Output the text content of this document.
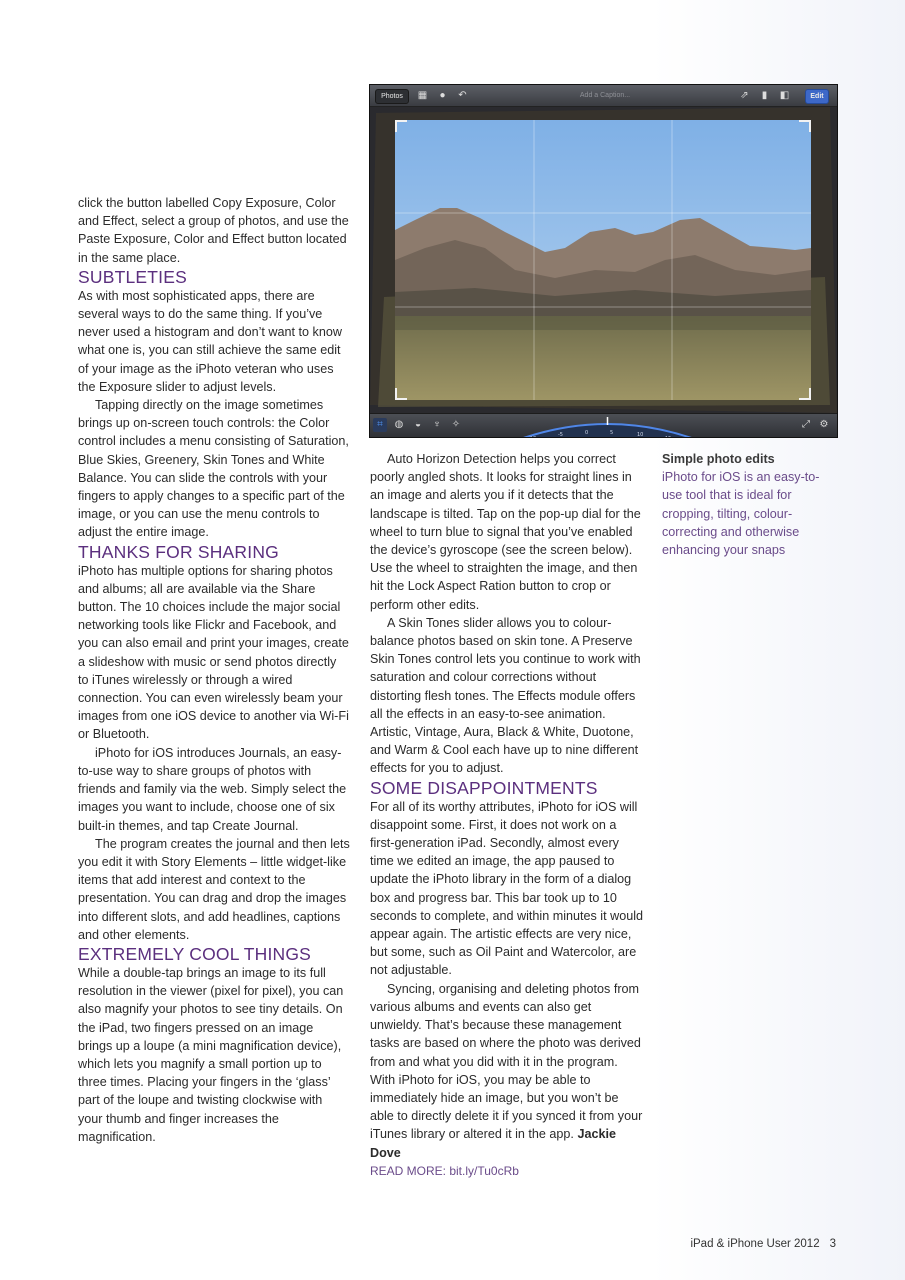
click the button labelled Copy Exposure, Color and Effect, select a group of photos, and use the Paste Exposure, Color and Effect button located in the same place.

SUBTLETIES

As with most sophisticated apps, there are several ways to do the same thing. If you’ve never used a histogram and don’t want to know what one is, you can still achieve the same edit of your image as the iPhoto veteran who uses the Exposure slider to adjust levels.

Tapping directly on the image sometimes brings up on-screen touch controls: the Color control includes a menu consisting of Saturation, Blue Skies, Greenery, Skin Tones and White Balance. You can slide the controls with your fingers to apply changes to a specific part of the image, or you can use the menu controls to adjust the entire image.

THANKS FOR SHARING

iPhoto has multiple options for sharing photos and albums; all are available via the Share button. The 10 choices include the major social networking tools like Flickr and Facebook, and you can also email and print your images, create a slideshow with music or send photos directly to iTunes wirelessly or through a wired connection. You can even wirelessly beam your images from one iOS device to another via Wi-Fi or Bluetooth.

iPhoto for iOS introduces Journals, an easy-to-use way to share groups of photos with friends and family via the web. Simply select the images you want to include, choose one of six built-in themes, and tap Create Journal.

The program creates the journal and then lets you edit it with Story Elements – little widget-like items that add interest and context to the presentation. You can drag and drop the images into different slots, and add headlines, captions and other elements.

EXTREMELY COOL THINGS

While a double-tap brings an image to its full resolution in the viewer (pixel for pixel), you can also magnify your photos to see tiny details. On the iPad, two fingers pressed on an image brings up a loupe (a mini magnification device), which lets you magnify a small portion up to three times. Placing your fingers in the ‘glass’ part of the loupe and twisting clockwise with your thumb and finger increases the magnification.

Photos	▦	●	↶	Add a Caption...	⇗	▮	◧	Edit
⌗	◍	◒	♆	✧
-10
-5	0	5	10
15
⤢ ⚙

Auto Horizon Detection helps you correct poorly angled shots. It looks for straight lines in an image and alerts you if it detects that the landscape is tilted. Tap on the pop-up dial for the wheel to turn blue to signal that you’ve enabled the device’s gyroscope (see the screen below). Use the wheel to straighten the image, and then hit the Lock Aspect Ration button to crop or perform other edits.

A Skin Tones slider allows you to colour-balance photos based on skin tone. A Preserve Skin Tones control lets you continue to work with saturation and colour corrections without distorting flesh tones. The Effects module offers all the effects in an easy-to-see animation. Artistic, Vintage, Aura, Black & White, Duotone, and Warm & Cool each have up to nine different effects for you to adjust.

SOME DISAPPOINTMENTS

For all of its worthy attributes, iPhoto for iOS will disappoint some. First, it does not work on a first-generation iPad. Secondly, almost every time we edited an image, the app paused to update the iPhoto library in the form of a dialog box and progress bar. This bar took up to 10 seconds to complete, and within minutes it would appear again. The artistic effects are very nice, but some, such as Oil Paint and Watercolor, are not adjustable.

Syncing, organising and deleting photos from various albums and events can also get unwieldy. That’s because these management tasks are based on where the photo was derived from and what you did with it in the program. With iPhoto for iOS, you may be able to immediately hide an image, but you won’t be able to directly delete it if you synced it from your iTunes library or altered it in the app. Jackie Dove

READ MORE: bit.ly/Tu0cRb

Simple photo edits
iPhoto for iOS is an easy-to-use tool that is ideal for cropping, tilting, colour-correcting and otherwise enhancing your snaps
iPad & iPhone User 2012 3
